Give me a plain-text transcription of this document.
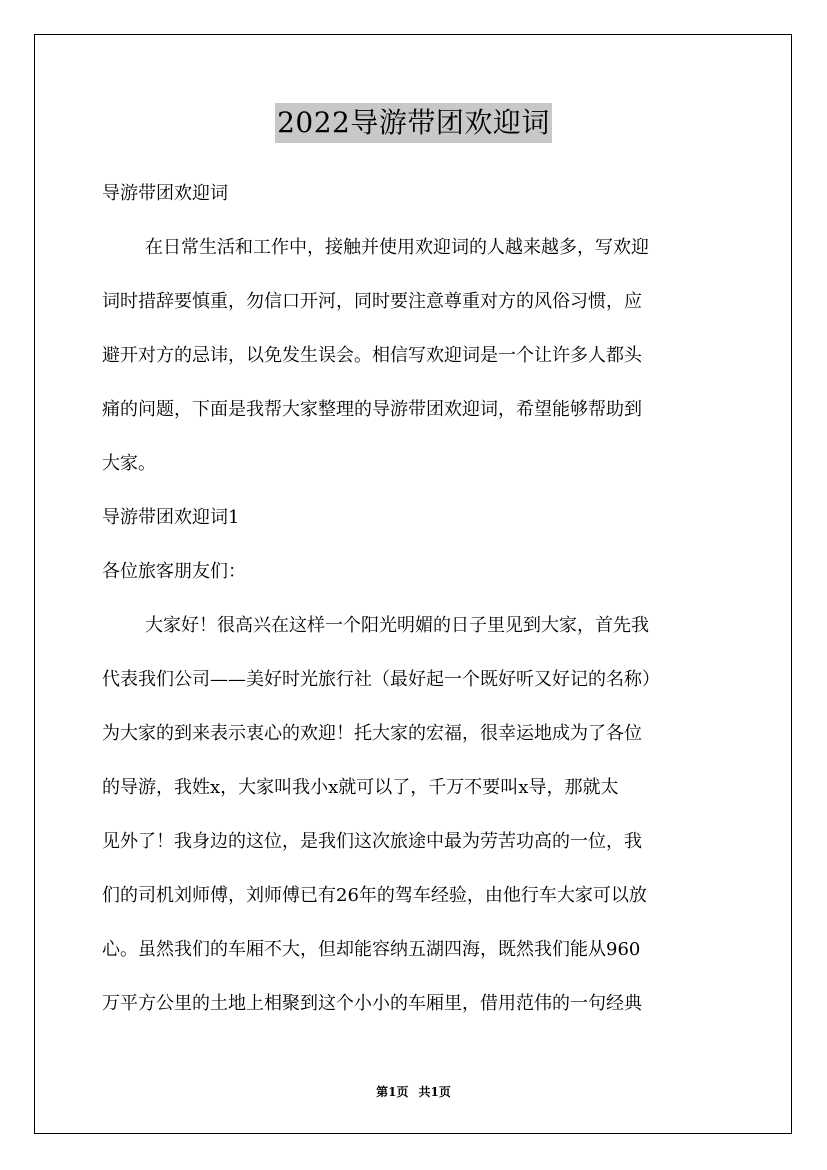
2022导游带团欢迎词
导游带团欢迎词
在日常生活和工作中，接触并使用欢迎词的人越来越多，写欢迎
词时措辞要慎重，勿信口开河，同时要注意尊重对方的风俗习惯，应
避开对方的忌讳，以免发生误会。相信写欢迎词是一个让许多人都头
痛的问题，下面是我帮大家整理的导游带团欢迎词，希望能够帮助到
大家。
导游带团欢迎词1
各位旅客朋友们：
大家好！很高兴在这样一个阳光明媚的日子里见到大家，首先我
代表我们公司——美好时光旅行社（最好起一个既好听又好记的名称）
为大家的到来表示衷心的欢迎！托大家的宏福，很幸运地成为了各位
的导游，我姓x，大家叫我小x就可以了，千万不要叫x导，那就太
见外了！我身边的这位，是我们这次旅途中最为劳苦功高的一位，我
们的司机刘师傅，刘师傅已有26年的驾车经验，由他行车大家可以放
心。虽然我们的车厢不大，但却能容纳五湖四海，既然我们能从960
万平方公里的土地上相聚到这个小小的车厢里，借用范伟的一句经典
第1页 共1页
